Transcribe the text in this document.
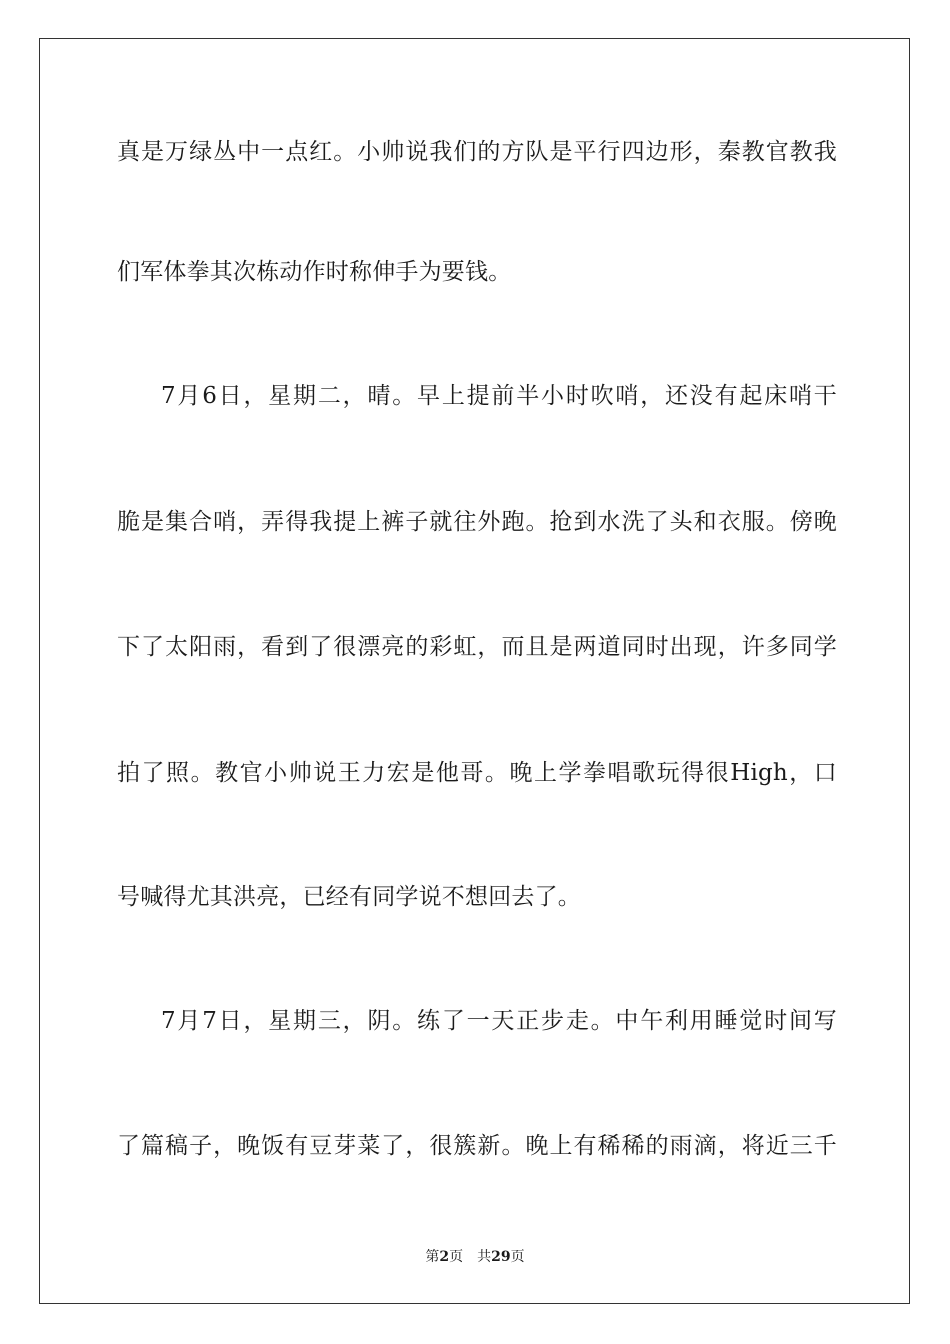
真是万绿丛中一点红。小帅说我们的方队是平行四边形，秦教官教我
们军体拳其次栋动作时称伸手为要钱。
7月6日，星期二，晴。早上提前半小时吹哨，还没有起床哨干
脆是集合哨，弄得我提上裤子就往外跑。抢到水洗了头和衣服。傍晚
下了太阳雨，看到了很漂亮的彩虹，而且是两道同时出现，许多同学
拍了照。教官小帅说王力宏是他哥。晚上学拳唱歌玩得很High，口
号喊得尤其洪亮，已经有同学说不想回去了。
7月7日，星期三，阴。练了一天正步走。中午利用睡觉时间写
了篇稿子，晚饭有豆芽菜了，很簇新。晚上有稀稀的雨滴，将近三千
第2页 共29页
